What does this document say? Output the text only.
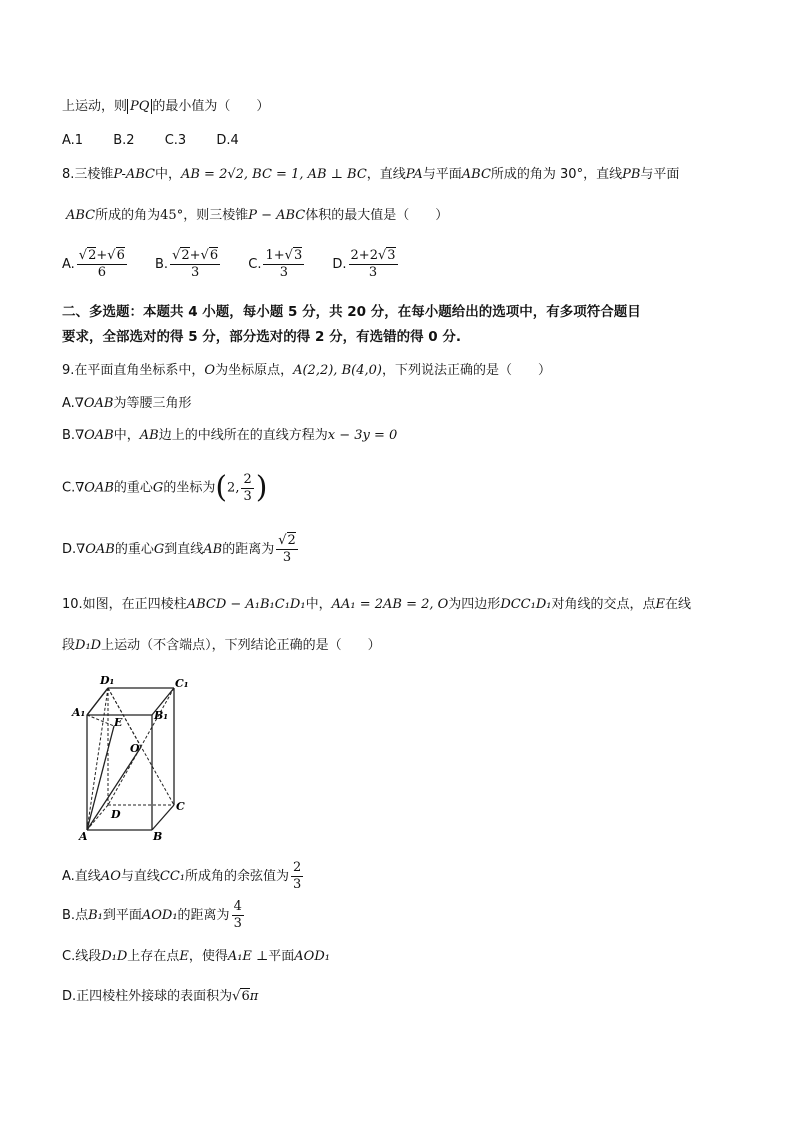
上运动，则 PQ 的最小值为（　　）
A.1 B.2 C.3 D.4
8.三棱锥P-ABC中，AB = 2√2, BC = 1, AB ⊥ BC，直线PA与平面ABC所成的角为 30°，直线PB与平面
ABC所成的角为45°，则三棱锥P − ABC体积的最大值是（　　）
A. $\frac{√2+√6}{6} B$. $\frac{√2+√6}{3} C$. $\frac{1+√3}{3} D$. $\frac{2+2√3}{3}$
二、多选题：本题共 4 小题，每小题 5 分，共 20 分，在每小题给出的选项中，有多项符合题目
要求，全部选对的得 5 分，部分选对的得 2 分，有选错的得 0 分.
9.在平面直角坐标系中，O为坐标原点，A(2,2), B(4,0)，下列说法正确的是（　　）
A.∇OAB为等腰三角形
B.∇OAB中，AB边上的中线所在的直线方程为x − 3y = 0
C.∇OAB的重心G的坐标为(2, $\frac{2}{3}$ )
D.∇OAB的重心G到直线AB的距离为 $\frac{√2}{3}$
10.如图，在正四棱柱ABCD − A₁B₁C₁D₁中，AA₁ = 2AB = 2, O为四边形DCC₁D₁对角线的交点，点E在线
段D₁D上运动（不含端点），下列结论正确的是（　　）
D₁	C₁
A₁	B₁
E
O
D
C
A	B
A.直线AO与直线CC₁所成角的余弦值为 $\frac{2}{3}$
B.点B₁到平面AOD₁的距离为 $\frac{4}{3}$
C.线段D₁D上存在点E，使得A₁E ⊥平面AOD₁
D.正四棱柱外接球的表面积为√6π
